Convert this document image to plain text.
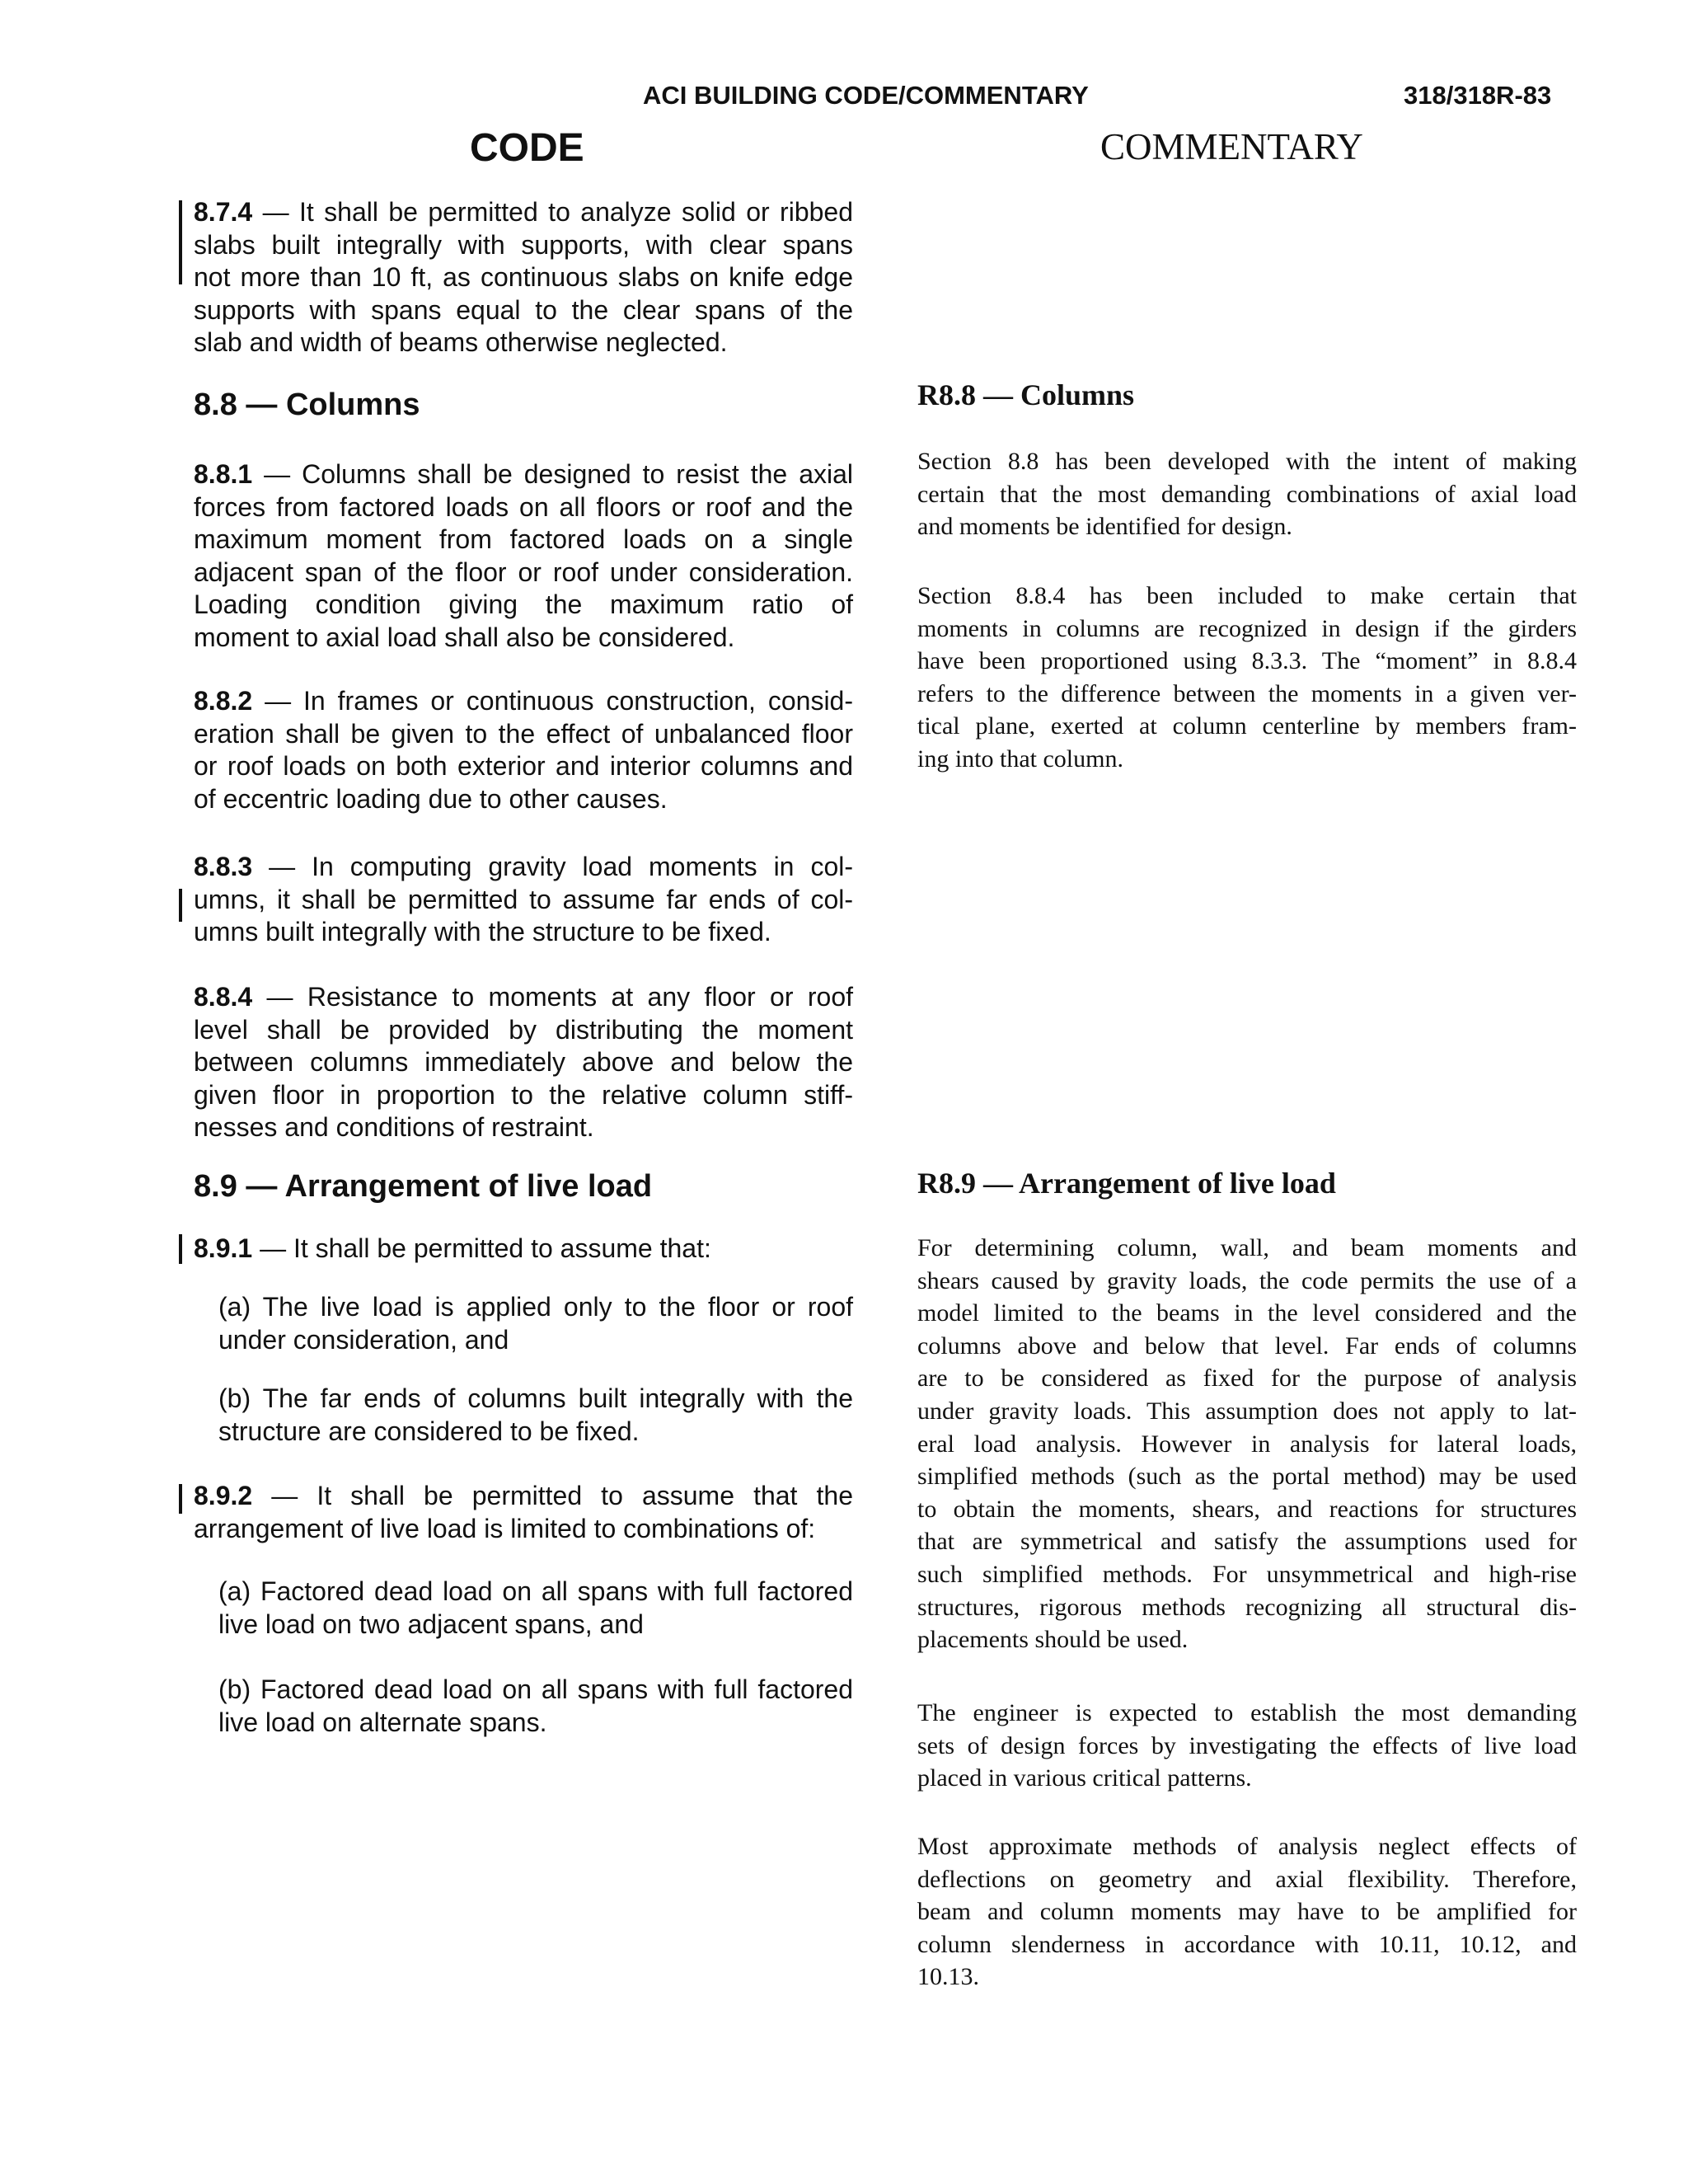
ACI BUILDING CODE/COMMENTARY	318/318R-83
CODE	COMMENTARY
8.7.4 — It shall be permitted to analyze solid or ribbed
slabs built integrally with supports, with clear spans
not more than 10 ft, as continuous slabs on knife edge
supports with spans equal to the clear spans of the
slab and width of beams otherwise neglected.
8.8 — Columns
8.8.1 — Columns shall be designed to resist the axial
forces from factored loads on all floors or roof and the
maximum moment from factored loads on a single
adjacent span of the floor or roof under consideration.
Loading condition giving the maximum ratio of
moment to axial load shall also be considered.
8.8.2 — In frames or continuous construction, consid-
eration shall be given to the effect of unbalanced floor
or roof loads on both exterior and interior columns and
of eccentric loading due to other causes.
8.8.3 — In computing gravity load moments in col-
umns, it shall be permitted to assume far ends of col-
umns built integrally with the structure to be fixed.
8.8.4 — Resistance to moments at any floor or roof
level shall be provided by distributing the moment
between columns immediately above and below the
given floor in proportion to the relative column stiff-
nesses and conditions of restraint.
8.9 — Arrangement of live load
8.9.1 — It shall be permitted to assume that:
(a) The live load is applied only to the floor or roof
under consideration, and
(b) The far ends of columns built integrally with the
structure are considered to be fixed.
8.9.2 — It shall be permitted to assume that the
arrangement of live load is limited to combinations of:
(a) Factored dead load on all spans with full factored
live load on two adjacent spans, and
(b) Factored dead load on all spans with full factored
live load on alternate spans.
R8.8 — Columns
Section 8.8 has been developed with the intent of making
certain that the most demanding combinations of axial load
and moments be identified for design.
Section 8.8.4 has been included to make certain that
moments in columns are recognized in design if the girders
have been proportioned using 8.3.3. The “moment” in 8.8.4
refers to the difference between the moments in a given ver-
tical plane, exerted at column centerline by members fram-
ing into that column.
R8.9 — Arrangement of live load
For determining column, wall, and beam moments and
shears caused by gravity loads, the code permits the use of a
model limited to the beams in the level considered and the
columns above and below that level. Far ends of columns
are to be considered as fixed for the purpose of analysis
under gravity loads. This assumption does not apply to lat-
eral load analysis. However in analysis for lateral loads,
simplified methods (such as the portal method) may be used
to obtain the moments, shears, and reactions for structures
that are symmetrical and satisfy the assumptions used for
such simplified methods. For unsymmetrical and high-rise
structures, rigorous methods recognizing all structural dis-
placements should be used.
The engineer is expected to establish the most demanding
sets of design forces by investigating the effects of live load
placed in various critical patterns.
Most approximate methods of analysis neglect effects of
deflections on geometry and axial flexibility. Therefore,
beam and column moments may have to be amplified for
column slenderness in accordance with 10.11, 10.12, and
10.13.
